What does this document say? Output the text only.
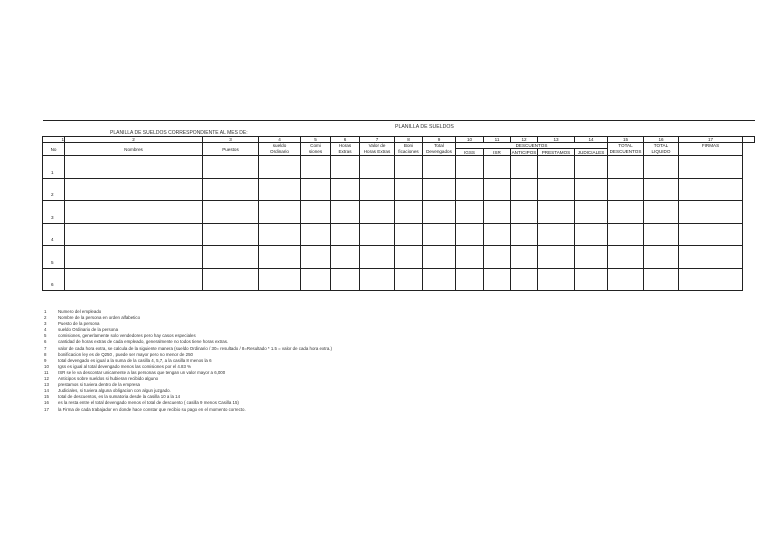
PLANILLA DE SUELDOS
PLANILLA DE SUELDOS CORRESPONDIENTE AL MES DE:

1	2	3	4	5	6	7	8	9	10	11	12	13	14	15	16	17	
No	Nombres	Puestos	sueldo	Comi	Horas	Valor de	Boni	Total	DESCUENTOS					TOTAL	TOTAL	FIRMAS	
			Ordinario	siones	Extras	Horas Extras	ficaciones	Devengados	IGSS	ISR	ANTICIPOS	PRESTAMOS	JUDICIALES	DESCUENTOS	LIQUIDO		
1																	
2																	
3																	
4																	
5																	
6																	
1	Numero del empleado
2	Nombre de la persona en orden alfabetico
3	Puesto de la persona
4	sueldo Ordinario de la persona
5	comisiones, generlamente solo vendedores pero hay casos especiales
6	cantidad de horas extras de cada empleado, generalmente no todos tiene horas extras.
7	valor de cada hora extra, se calcula de la siguiente manera (sueldo Ordinario / 30= resultado / 8=Resultado * 1.5 = valor de cada hora extra.)
8	bonificacion ley es de Q250 , puede ser mayor pero no menor de 250
9	total devengado es igual a la suma de la casilla 4, 5,7, a la casilla 8 menos la 6
10	Igss es igual al total devengado menos las comisiones por el 4.83 %
11	ISR se le va descontar unicamente a las personas que tengan un valor mayor a 6,000
12	Anticipos sobre sueldos si hubieran recibido alguno
13	prestamos si tuviera dentro de la empresa
14	Judiciales, si tuviera alguna obligacion con algun juzgado.
15	total de descuentos, es la sumatoria desde la casilla 10 a la 14
16	es la resta entre el total devengado menos el total de descuento ( casilla 9 menos Casilla 15)
17	la Firma de cada trabajador en donde hace constar que recibio su pago en el momento correcto.
